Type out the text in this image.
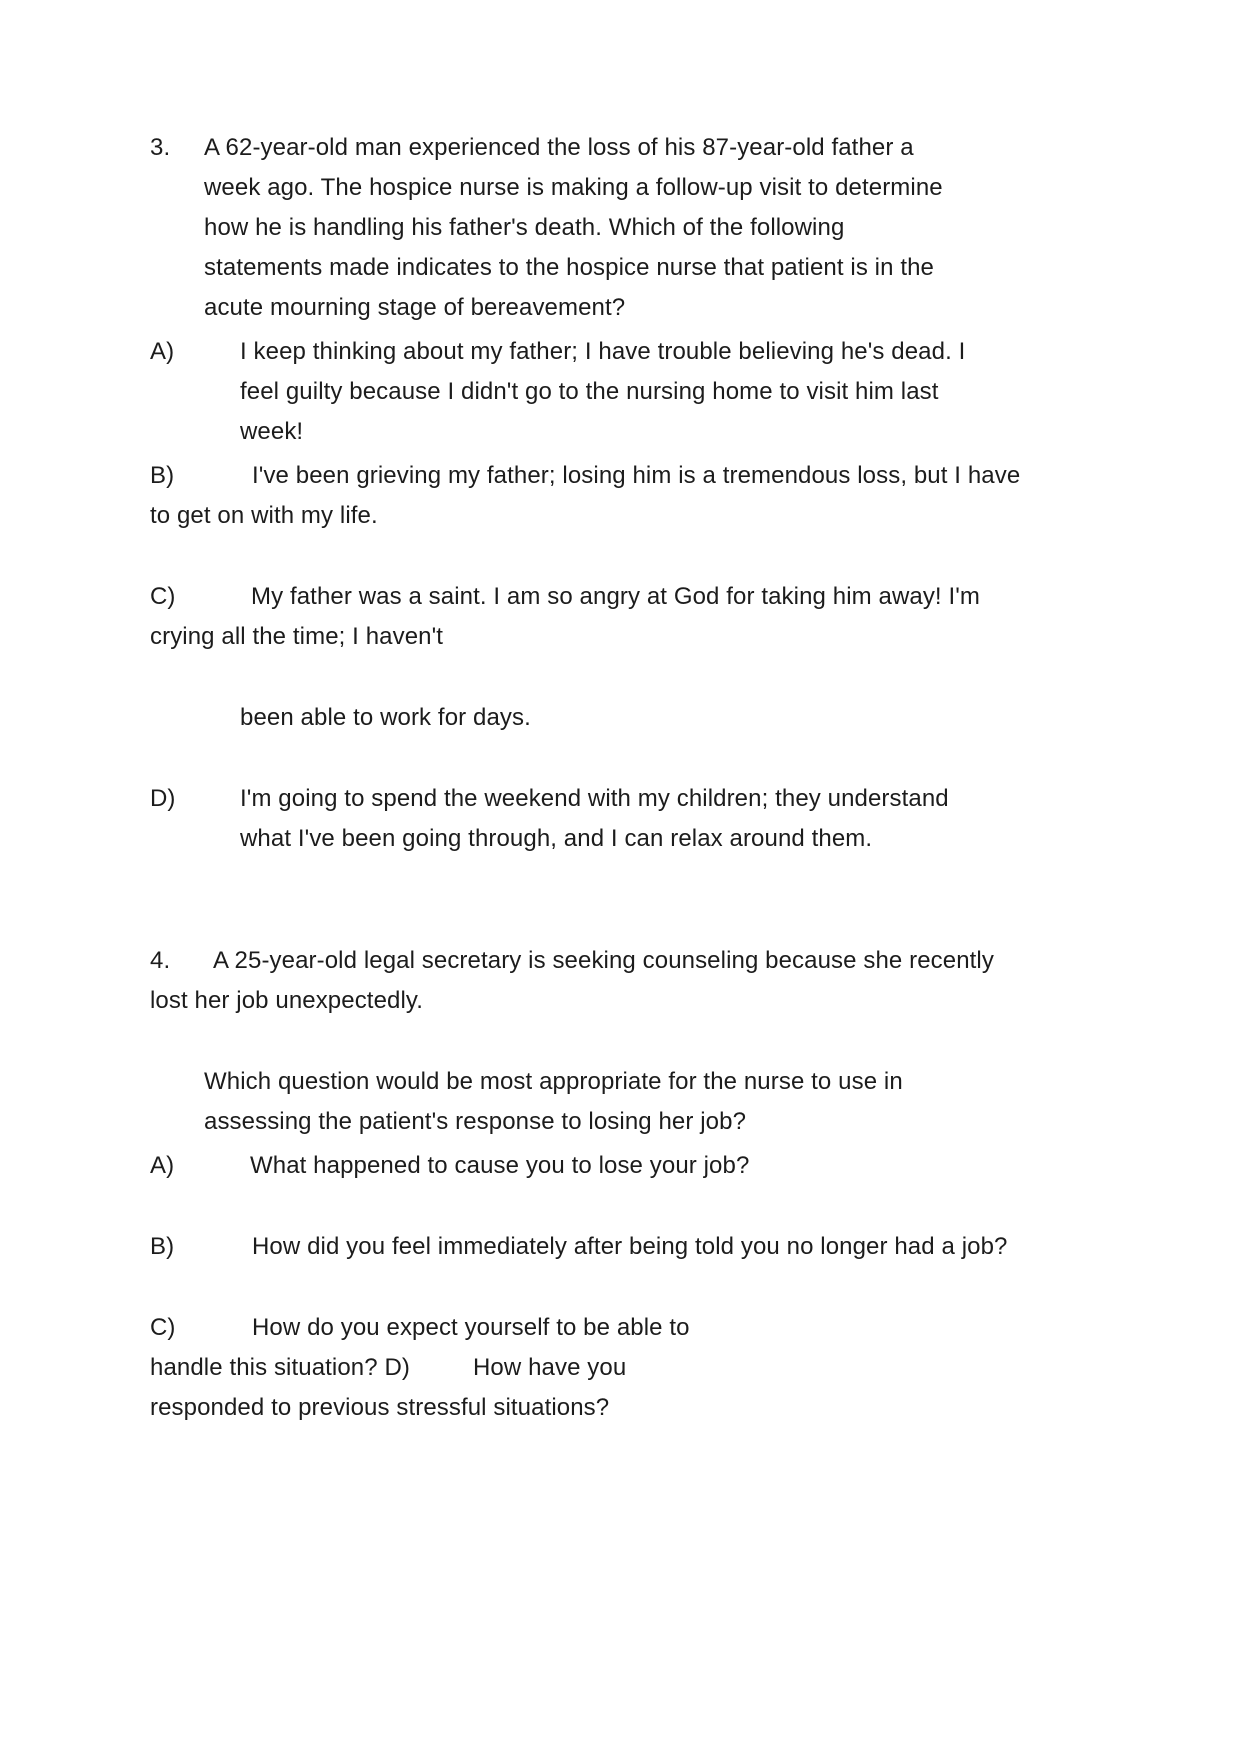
3. A 62-year-old man experienced the loss of his 87-year-old father a
week ago. The hospice nurse is making a follow-up visit to determine
how he is handling his father's death. Which of the following
statements made indicates to the hospice nurse that patient is in the
acute mourning stage of bereavement?
A)	I keep thinking about my father; I have trouble believing he's dead. I
feel guilty because I didn't go to the nursing home to visit him last
week!
B)	I've been grieving my father; losing him is a tremendous loss, but I have
to get on with my life.
C)	My father was a saint. I am so angry at God for taking him away! I'm
crying all the time; I haven't
been able to work for days.
D)	I'm going to spend the weekend with my children; they understand
what I've been going through, and I can relax around them.
4. A 25-year-old legal secretary is seeking counseling because she recently
lost her job unexpectedly.
Which question would be most appropriate for the nurse to use in
assessing the patient's response to losing her job?
A)	What happened to cause you to lose your job?
B)	How did you feel immediately after being told you no longer had a job?
C)	How do you expect yourself to be able to
handle this situation? D)	How have you
responded to previous stressful situations?
